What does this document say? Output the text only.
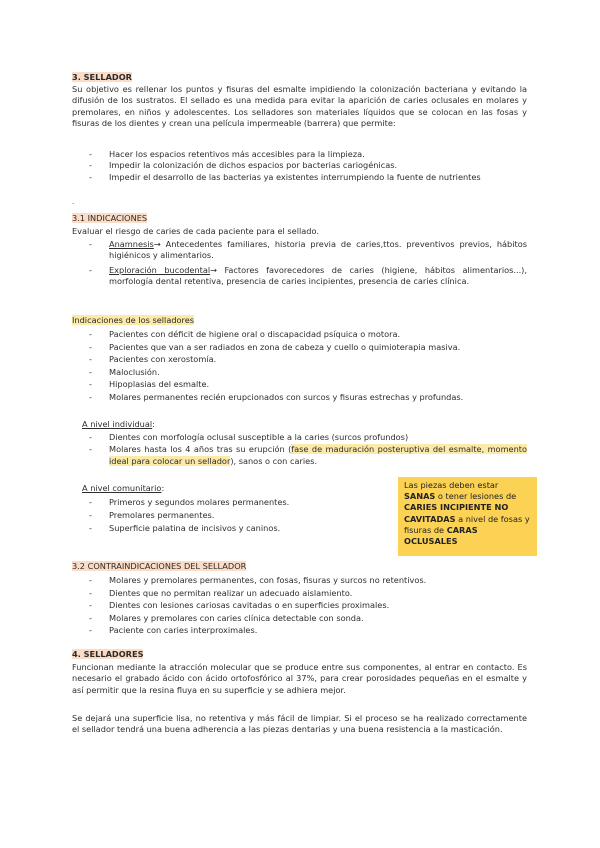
3. SELLADOR
Su objetivo es rellenar los puntos y fisuras del esmalte impidiendo la colonización bacteriana y evitando la difusión de los sustratos. El sellado es una medida para evitar la aparición de caries oclusales en molares y premolares, en niños y adolescentes. Los selladores son materiales líquidos que se colocan en las fosas y fisuras de los dientes y crean una película impermeable (barrera) que permite:
- Hacer los espacios retentivos más accesibles para la limpieza.
- Impedir la colonización de dichos espacios por bacterias cariogénicas.
- Impedir el desarrollo de las bacterias ya existentes interrumpiendo la fuente de nutrientes
.
3.1 INDICACIONES
Evaluar el riesgo de caries de cada paciente para el sellado.
- Anamnesis→ Antecedentes familiares, historia previa de caries,ttos. preventivos previos, hábitos higiénicos y alimentarios.
- Exploración bucodental→ Factores favorecedores de caries (higiene, hábitos alimentarios...), morfología dental retentiva, presencia de caries incipientes, presencia de caries clínica.
Indicaciones de los selladores
- Pacientes con déficit de higiene oral o discapacidad psíquica o motora.
- Pacientes que van a ser radiados en zona de cabeza y cuello o quimioterapia masiva.
- Pacientes con xerostomía.
- Maloclusión.
- Hipoplasias del esmalte.
- Molares permanentes recién erupcionados con surcos y fisuras estrechas y profundas.
A nivel individual:
- Dientes con morfología oclusal susceptible a la caries (surcos profundos)
- Molares hasta los 4 años tras su erupción (fase de maduración posteruptiva del esmalte, momento ideal para colocar un sellador), sanos o con caries.
A nivel comunitario:
- Primeros y segundos molares permanentes.
- Premolares permanentes.
- Superficie palatina de incisivos y caninos.
Las piezas deben estar SANAS o tener lesiones de CARIES INCIPIENTE NO CAVITADAS a nivel de fosas y fisuras de CARAS OCLUSALES
3.2 CONTRAINDICACIONES DEL SELLADOR
- Molares y premolares permanentes, con fosas, fisuras y surcos no retentivos.
- Dientes que no permitan realizar un adecuado aislamiento.
- Dientes con lesiones cariosas cavitadas o en superficies proximales.
- Molares y premolares con caries clínica detectable con sonda.
- Paciente con caries interproximales.
4. SELLADORES
Funcionan mediante la atracción molecular que se produce entre sus componentes, al entrar en contacto. Es necesario el grabado ácido con ácido ortofosfórico al 37%, para crear porosidades pequeñas en el esmalte y así permitir que la resina fluya en su superficie y se adhiera mejor.
Se dejará una superficie lisa, no retentiva y más fácil de limpiar. Si el proceso se ha realizado correctamente el sellador tendrá una buena adherencia a las piezas dentarias y una buena resistencia a la masticación.
